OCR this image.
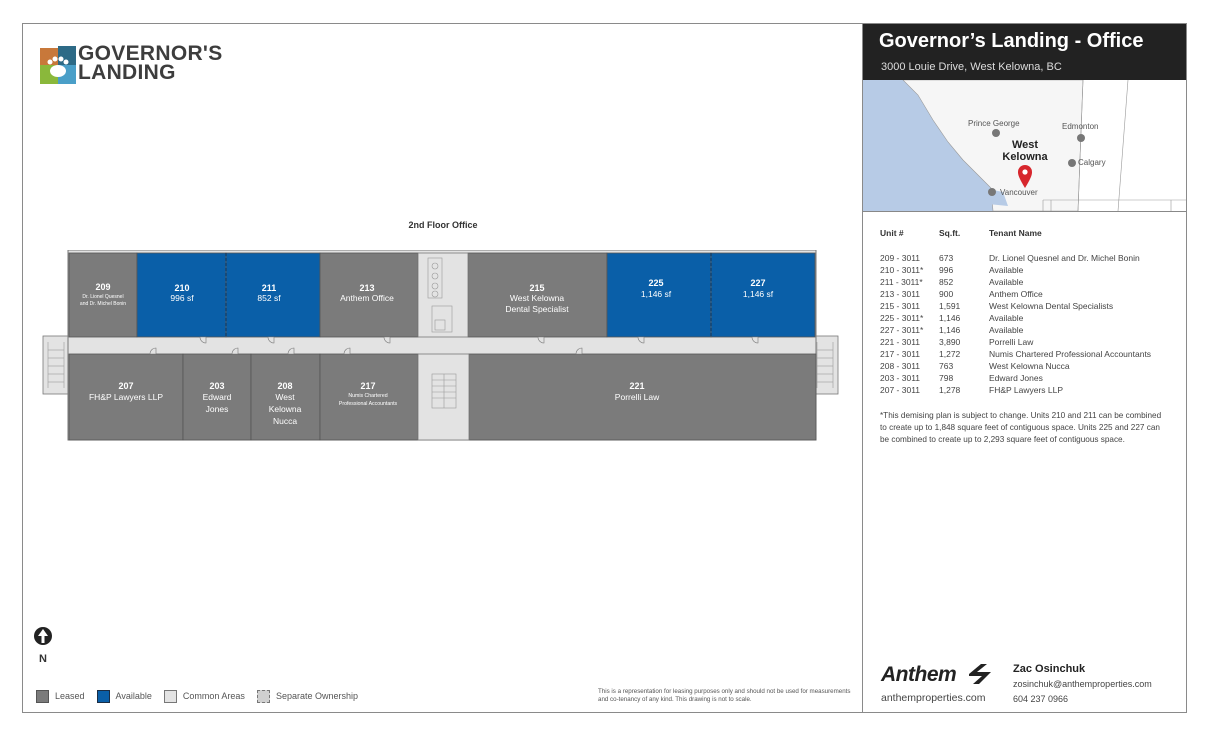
GOVERNOR'S
LANDING
2nd Floor Office
209
Dr. Lionel Quesnel
and Dr. Michel Bonin
210
996 sf
211
852 sf
213
Anthem Office
215
West Kelowna
Dental Specialist
225
1,146 sf
227
1,146 sf
207
FH&P Lawyers LLP
203
Edward
Jones
208
West
Kelowna
Nucca
217
Numis Chartered
Professional Accountants
221
Porrelli Law
N
Leased	Available	Common Areas	Separate Ownership	This is a representation for leasing purposes only and should not be used for measurements and co-tenancy of any kind. This drawing is not to scale.
Governor’s Landing - Office
3000 Louie Drive, West Kelowna, BC
Prince George	Edmonton
Calgary
Vancouver
West
Kelowna
Unit #	Sq.ft.	Tenant Name
209 - 3011	673	Dr. Lionel Quesnel and Dr. Michel Bonin
210 - 3011*	996	Available
211 - 3011*	852	Available
213 - 3011	900	Anthem Office
215 - 3011	1,591	West Kelowna Dental Specialists
225 - 3011*	1,146	Available
227 - 3011*	1,146	Available
221 - 3011	3,890	Porrelli Law
217 - 3011	1,272	Numis Chartered Professional Accountants
208 - 3011	763	West Kelowna Nucca
203 - 3011	798	Edward Jones
207 - 3011	1,278	FH&P Lawyers LLP
*This demising plan is subject to change. Units 210 and 211 can be combined to create up to 1,848 square feet of contiguous space. Units 225 and 227 can be combined to create up to 2,293 square feet of contiguous space.
Anthem
anthemproperties.com
Zac Osinchuk
zosinchuk@anthemproperties.com
604 237 0966
